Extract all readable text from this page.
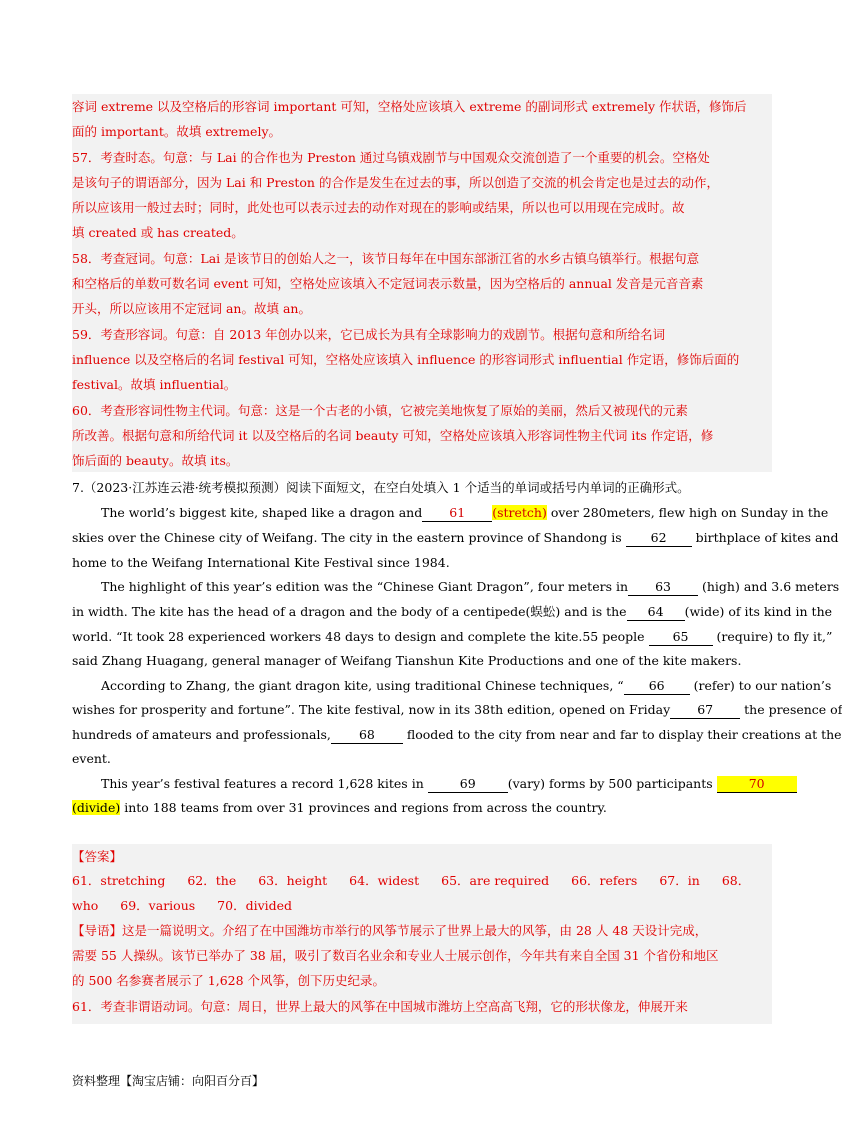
容词 extreme 以及空格后的形容词 important 可知，空格处应该填入 extreme 的副词形式 extremely 作状语，修饰后
面的 important。故填 extremely。
57．考查时态。句意：与 Lai 的合作也为 Preston 通过乌镇戏剧节与中国观众交流创造了一个重要的机会。空格处
是该句子的谓语部分，因为 Lai 和 Preston 的合作是发生在过去的事，所以创造了交流的机会肯定也是过去的动作，
所以应该用一般过去时；同时，此处也可以表示过去的动作对现在的影响或结果，所以也可以用现在完成时。故
填 created 或 has created。
58．考查冠词。句意：Lai 是该节日的创始人之一，该节日每年在中国东部浙江省的水乡古镇乌镇举行。根据句意
和空格后的单数可数名词 event 可知，空格处应该填入不定冠词表示数量，因为空格后的 annual 发音是元音音素
开头，所以应该用不定冠词 an。故填 an。
59．考查形容词。句意：自 2013 年创办以来，它已成长为具有全球影响力的戏剧节。根据句意和所给名词
influence 以及空格后的名词 festival 可知，空格处应该填入 influence 的形容词形式 influential 作定语，修饰后面的
festival。故填 influential。
60．考查形容词性物主代词。句意：这是一个古老的小镇，它被完美地恢复了原始的美丽，然后又被现代的元素
所改善。根据句意和所给代词 it 以及空格后的名词 beauty 可知，空格处应该填入形容词性物主代词 its 作定语，修
饰后面的 beauty。故填 its。
7.（2023·江苏连云港·统考模拟预测）阅读下面短文，在空白处填入 1 个适当的单词或括号内单词的正确形式。
The world’s biggest kite, shaped like a dragon and 61 (stretch) over 280meters, flew high on Sunday in the
skies over the Chinese city of Weifang. The city in the eastern province of Shandong is 62 birthplace of kites and
home to the Weifang International Kite Festival since 1984.
The highlight of this year’s edition was the “Chinese Giant Dragon”, four meters in 63 (high) and 3.6 meters
in width. The kite has the head of a dragon and the body of a centipede(蜈蚣) and is the 64 (wide) of its kind in the
world. “It took 28 experienced workers 48 days to design and complete the kite.55 people 65 (require) to fly it,”
said Zhang Huagang, general manager of Weifang Tianshun Kite Productions and one of the kite makers.
According to Zhang, the giant dragon kite, using traditional Chinese techniques, “ 66 (refer) to our nation’s
wishes for prosperity and fortune”. The kite festival, now in its 38th edition, opened on Friday 67 the presence of
hundreds of amateurs and professionals, 68	flooded to the city from near and far to display their creations at the
event.
This year’s festival features a record 1,628 kites in	69	(vary) forms by 500 participants	70
(divide) into 188 teams from over 31 provinces and regions from across the country.
【答案】
61．stretching 62．the 63．height 64．widest 65．are required 66．refers 67．in 68．
who 69．various 70．divided
【导语】这是一篇说明文。介绍了在中国潍坊市举行的风筝节展示了世界上最大的风筝，由 28 人 48 天设计完成，
需要 55 人操纵。该节已举办了 38 届，吸引了数百名业余和专业人士展示创作，今年共有来自全国 31 个省份和地区
的 500 名参赛者展示了 1,628 个风筝，创下历史纪录。
61．考查非谓语动词。句意：周日，世界上最大的风筝在中国城市潍坊上空高高飞翔，它的形状像龙，伸展开来
资料整理【淘宝店铺：向阳百分百】
